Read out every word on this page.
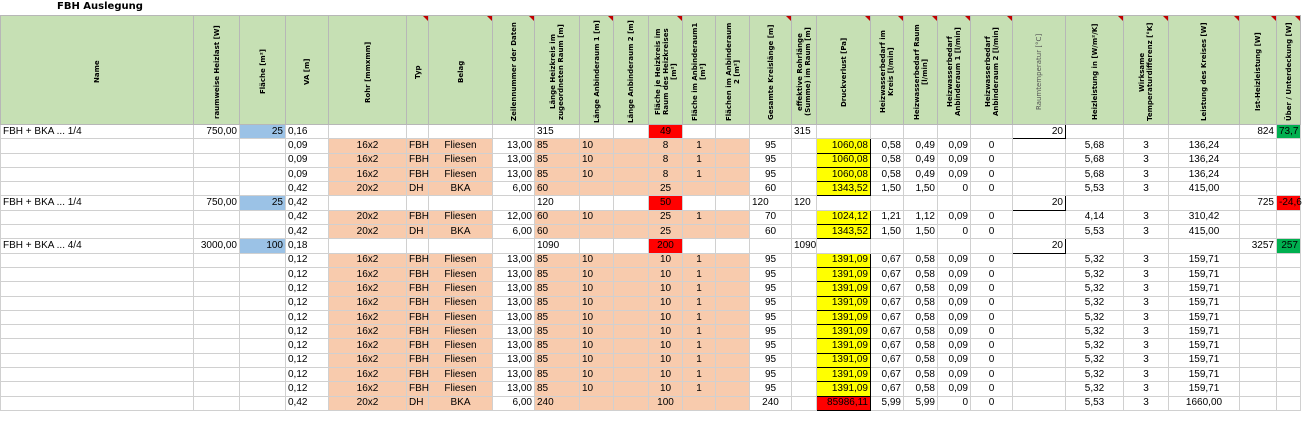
FBH Auslegung
Name	raumweise Heizlast [W]	Fläche [m²]	VA [m]	Rohr [mmxmm]	Typ	Belag	Zeilennummer der Daten	Länge Heizkreis im zugeordneten Raum [m]	Länge Anbinderaum 1 [m]	Länge Anbinderaum 2 [m]	Fläche je Heizkreis im Raum des Heizkreises [m²]	Fläche im Anbinderaum1 [m²]	Flächen im Anbinderaum 2 [m²]	Gesamte Kreislänge [m]	effektive Rohrlänge (Summe) im Raum [m]	Druckverlust [Pa]	Heizwasserbedarf im Kreis [l/min]	Heizwasserbedarf Raum [l/min]	Heizwasserbedarf Anbinderaum 1 [l/min]	Heizwasserbedarf Anbinderaum 2 [l/min]	Raumtemperatur [°C]	Heizleistung in [W/m²/K]	Wirksame Temperaturdifferenz [°K]	Leistung des Kreises [W]	Ist-Heizleistung [W]	Über / Unterdeckung [W]

FBH + BKA ... 1/4	750,00	25	0,16					315			49				315						20				824	73,7
			0,09	16x2	FBH	Fliesen	13,00	85	10		8	1		95		1060,08	0,58	0,49	0,09	0		5,68	3	136,24		
			0,09	16x2	FBH	Fliesen	13,00	85	10		8	1		95		1060,08	0,58	0,49	0,09	0		5,68	3	136,24		
			0,09	16x2	FBH	Fliesen	13,00	85	10		8	1		95		1060,08	0,58	0,49	0,09	0		5,68	3	136,24		
			0,42	20x2	DH	BKA	6,00	60			25			60		1343,52	1,50	1,50	0	0		5,53	3	415,00		
FBH + BKA ... 1/4	750,00	25	0,42					120			50			120	120						20				725	-24,6
			0,42	20x2	FBH	Fliesen	12,00	60	10		25	1		70		1024,12	1,21	1,12	0,09	0		4,14	3	310,42		
			0,42	20x2	DH	BKA	6,00	60			25			60		1343,52	1,50	1,50	0	0		5,53	3	415,00		
FBH + BKA ... 4/4	3000,00	100	0,18					1090			200				1090						20				3257	257
			0,12	16x2	FBH	Fliesen	13,00	85	10		10	1		95		1391,09	0,67	0,58	0,09	0		5,32	3	159,71		
			0,12	16x2	FBH	Fliesen	13,00	85	10		10	1		95		1391,09	0,67	0,58	0,09	0		5,32	3	159,71		
			0,12	16x2	FBH	Fliesen	13,00	85	10		10	1		95		1391,09	0,67	0,58	0,09	0		5,32	3	159,71		
			0,12	16x2	FBH	Fliesen	13,00	85	10		10	1		95		1391,09	0,67	0,58	0,09	0		5,32	3	159,71		
			0,12	16x2	FBH	Fliesen	13,00	85	10		10	1		95		1391,09	0,67	0,58	0,09	0		5,32	3	159,71		
			0,12	16x2	FBH	Fliesen	13,00	85	10		10	1		95		1391,09	0,67	0,58	0,09	0		5,32	3	159,71		
			0,12	16x2	FBH	Fliesen	13,00	85	10		10	1		95		1391,09	0,67	0,58	0,09	0		5,32	3	159,71		
			0,12	16x2	FBH	Fliesen	13,00	85	10		10	1		95		1391,09	0,67	0,58	0,09	0		5,32	3	159,71		
			0,12	16x2	FBH	Fliesen	13,00	85	10		10	1		95		1391,09	0,67	0,58	0,09	0		5,32	3	159,71		
			0,12	16x2	FBH	Fliesen	13,00	85	10		10	1		95		1391,09	0,67	0,58	0,09	0		5,32	3	159,71		
			0,42	20x2	DH	BKA	6,00	240			100			240		85986,11	5,99	5,99	0	0		5,53	3	1660,00		
